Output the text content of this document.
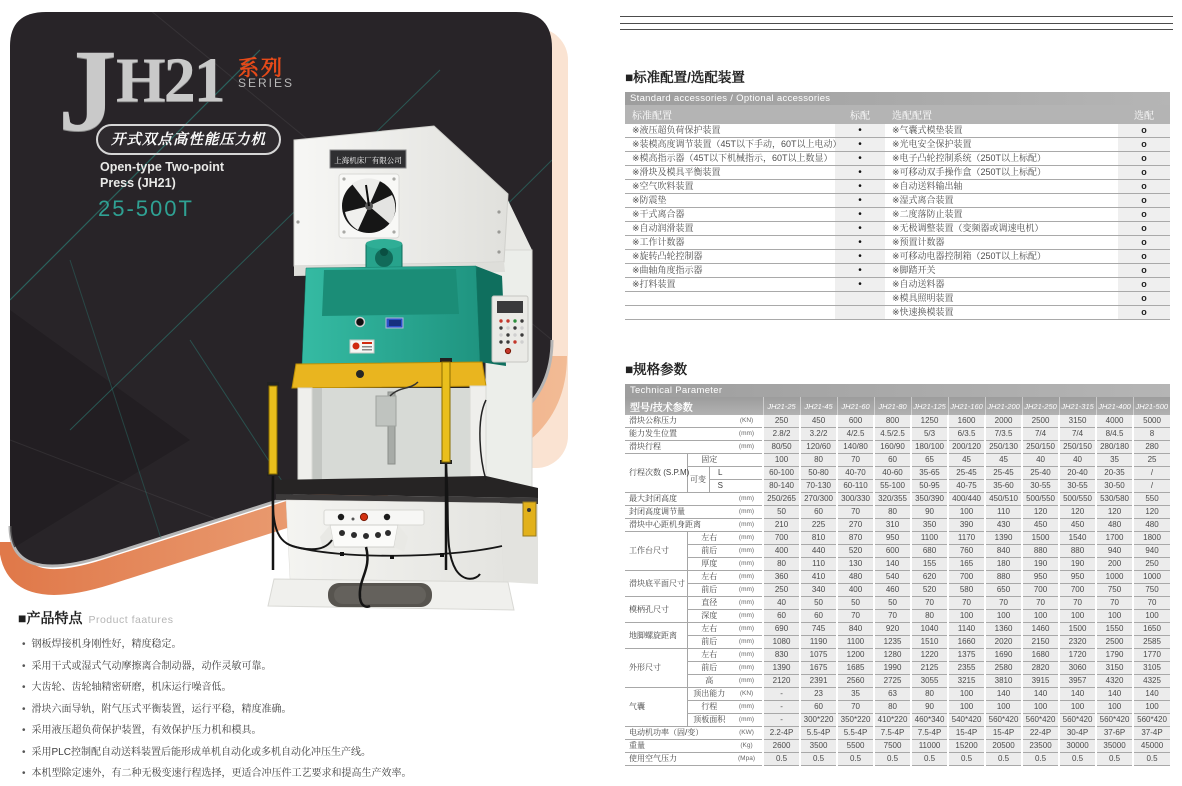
J H21 系列
SERIES
开式双点高性能压力机
Open-type Two-point
Press (JH21)
25-500T
上海机床厂有限公司
■产品特点 Product faatures
• 钢板焊接机身刚性好，精度稳定。
• 采用干式或湿式气动摩擦离合制动器，动作灵敏可靠。
• 大齿轮、齿轮轴精密研磨，机床运行噪音低。
• 滑块六面导轨，附气压式平衡装置，运行平稳，精度准确。
• 采用液压超负荷保护装置，有效保护压力机和模具。
• 采用PLC控制配自动送料装置后能形成单机自动化或多机自动化冲压生产线。
• 本机型除定速外，有二种无极变速行程选择，更适合冲压件工艺要求和提高生产效率。
■标准配置/选配装置
Standard accessories / Optional accessories
标准配置	标配	选配配置	选配
※液压超负荷保护装置	•	※气囊式模垫装置	o
※装模高度调节装置（45T以下手动，60T以上电动）	•	※光电安全保护装置	o
※模高指示器（45T以下机械指示，60T以上数显）	•	※电子凸轮控制系统（250T以上标配）	o
※滑块及模具平衡装置	•	※可移动双手操作盒（250T以上标配）	o
※空气吹料装置	•	※自动送料输出轴	o
※防震垫	•	※湿式离合装置	o
※干式离合器	•	※二度落防止装置	o
※自动润滑装置	•	※无极调整装置（变频器或调速电机）	o
※工作计数器	•	※预置计数器	o
※旋转凸轮控制器	•	※可移动电器控制箱（250T以上标配）	o
※曲轴角度指示器	•	※脚踏开关	o
※打料装置	•	※自动送料器	o
		※模具照明装置	o
		※快速换模装置	o
■规格参数
Technical Parameter
型号/技术参数				JH21-25	JH21-45	JH21-60	JH21-80	JH21-125	JH21-160	JH21-200	JH21-250	JH21-315	JH21-400	JH21-500
滑块公称压力			(KN)	250	450	600	800	1250	1600	2000	2500	3150	4000	5000
能力发生位置			(mm)	2.8/2	3.2/2	4/2.5	4.5/2.5	5/3	6/3.5	7/3.5	7/4	7/4	8/4.5	8
滑块行程			(mm)	80/50	120/60	140/80	160/90	180/100	200/120	250/130	250/150	250/150	280/180	280
行程次数 (S.P.M)	固定			100	80	70	60	65	45	45	40	40	35	25
	可变	L		60-100	50-80	40-70	40-60	35-65	25-45	25-45	25-40	20-40	20-35	/
		S		80-140	70-130	60-110	55-100	50-95	40-75	35-60	30-55	30-55	30-50	/
最大封闭高度			(mm)	250/265	270/300	300/330	320/355	350/390	400/440	450/510	500/550	500/550	530/580	550
封闭高度调节量			(mm)	50	60	70	80	90	100	110	120	120	120	120
滑块中心距机身距离			(mm)	210	225	270	310	350	390	430	450	450	480	480
工作台尺寸	左右		(mm)	700	810	870	950	1100	1170	1390	1500	1540	1700	1800
	前后		(mm)	400	440	520	600	680	760	840	880	880	940	940
	厚度		(mm)	80	110	130	140	155	165	180	190	190	200	250
滑块底平面尺寸	左右		(mm)	360	410	480	540	620	700	880	950	950	1000	1000
	前后		(mm)	250	340	400	460	520	580	650	700	700	750	750
模柄孔尺寸	直径		(mm)	40	50	50	50	70	70	70	70	70	70	70
	深度		(mm)	60	60	70	70	80	100	100	100	100	100	100
地脚螺旋距离	左右		(mm)	690	745	840	920	1040	1140	1360	1460	1500	1550	1650
	前后		(mm)	1080	1190	1100	1235	1510	1660	2020	2150	2320	2500	2585
外形尺寸	左右		(mm)	830	1075	1200	1280	1220	1375	1690	1680	1720	1790	1770
	前后		(mm)	1390	1675	1685	1990	2125	2355	2580	2820	3060	3150	3105
	高		(mm)	2120	2391	2560	2725	3055	3215	3810	3915	3957	4320	4325
气囊	顶出能力		(KN)	-	23	35	63	80	100	140	140	140	140	140
	行程		(mm)	-	60	70	80	90	100	100	100	100	100	100
	顶板面积		(mm)	-	300*220	350*220	410*220	460*340	540*420	560*420	560*420	560*420	560*420	560*420
电动机功率（固/变）			(KW)	2.2-4P	5.5-4P	5.5-4P	7.5-4P	7.5-4P	15-4P	15-4P	22-4P	30-4P	37-6P	37-4P
重量			(Kg)	2600	3500	5500	7500	11000	15200	20500	23500	30000	35000	45000
使用空气压力			(Mpa)	0.5	0.5	0.5	0.5	0.5	0.5	0.5	0.5	0.5	0.5	0.5
